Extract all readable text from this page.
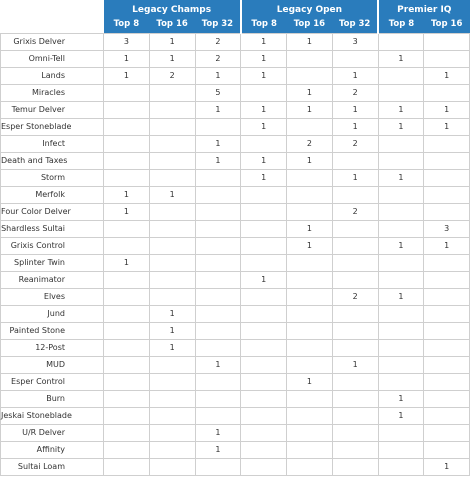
	Legacy Champs			Legacy Open			Premier IQ	
	Top 8	Top 16	Top 32	Top 8	Top 16	Top 32	Top 8	Top 16
Grixis Delver	3	1	2	1	1	3		
Omni-Tell	1	1	2	1			1	
Lands	1	2	1	1		1		1
Miracles			5		1	2		
Temur Delver			1	1	1	1	1	1
Esper Stoneblade				1		1	1	1
Infect			1		2	2		
Death and Taxes			1	1	1			
Storm				1		1	1	
Merfolk	1	1						
Four Color Delver	1					2		
Shardless Sultai					1			3
Grixis Control					1		1	1
Splinter Twin	1							
Reanimator				1				
Elves						2	1	
Jund		1						
Painted Stone		1						
12-Post		1						
MUD			1			1		
Esper Control					1			
Burn							1	
Jeskai Stoneblade							1	
U/R Delver			1					
Affinity			1					
Sultai Loam								1
